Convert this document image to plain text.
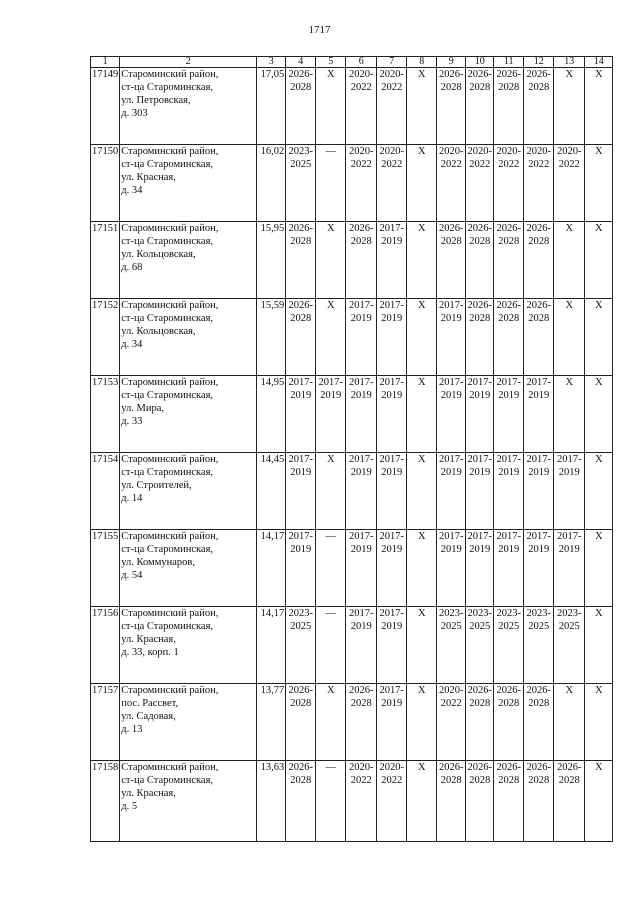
1717
1	2	3	4	5	6	7	8	9	10	11	12	13	14

17149	Староминский район,
ст-ца Староминская,
ул. Петровская,
д. 303	17,05	2026-
2028	Х	2020-
2022	2020-
2022	Х	2026-
2028	2026-
2028	2026-
2028	2026-
2028	Х	Х

17150	Староминский район,
ст-ца Староминская,
ул. Красная,
д. 34	16,02	2023-
2025	—	2020-
2022	2020-
2022	Х	2020-
2022	2020-
2022	2020-
2022	2020-
2022	2020-
2022	Х

17151	Староминский район,
ст-ца Староминская,
ул. Кольцовская,
д. 68	15,95	2026-
2028	Х	2026-
2028	2017-
2019	Х	2026-
2028	2026-
2028	2026-
2028	2026-
2028	Х	Х

17152	Староминский район,
ст-ца Староминская,
ул. Кольцовская,
д. 34	15,59	2026-
2028	Х	2017-
2019	2017-
2019	Х	2017-
2019	2026-
2028	2026-
2028	2026-
2028	Х	Х

17153	Староминский район,
ст-ца Староминская,
ул. Мира,
д. 33	14,95	2017-
2019	2017-
2019	2017-
2019	2017-
2019	Х	2017-
2019	2017-
2019	2017-
2019	2017-
2019	Х	Х

17154	Староминский район,
ст-ца Староминская,
ул. Строителей,
д. 14	14,45	2017-
2019	Х	2017-
2019	2017-
2019	Х	2017-
2019	2017-
2019	2017-
2019	2017-
2019	2017-
2019	Х

17155	Староминский район,
ст-ца Староминская,
ул. Коммунаров,
д. 54	14,17	2017-
2019	—	2017-
2019	2017-
2019	Х	2017-
2019	2017-
2019	2017-
2019	2017-
2019	2017-
2019	Х

17156	Староминский район,
ст-ца Староминская,
ул. Красная,
д. 33, корп. 1	14,17	2023-
2025	—	2017-
2019	2017-
2019	Х	2023-
2025	2023-
2025	2023-
2025	2023-
2025	2023-
2025	Х

17157	Староминский район,
пос. Рассвет,
ул. Садовая,
д. 13	13,77	2026-
2028	Х	2026-
2028	2017-
2019	Х	2020-
2022	2026-
2028	2026-
2028	2026-
2028	Х	Х

17158	Староминский район,
ст-ца Староминская,
ул. Красная,
д. 5	13,63	2026-
2028	—	2020-
2022	2020-
2022	Х	2026-
2028	2026-
2028	2026-
2028	2026-
2028	2026-
2028	Х
